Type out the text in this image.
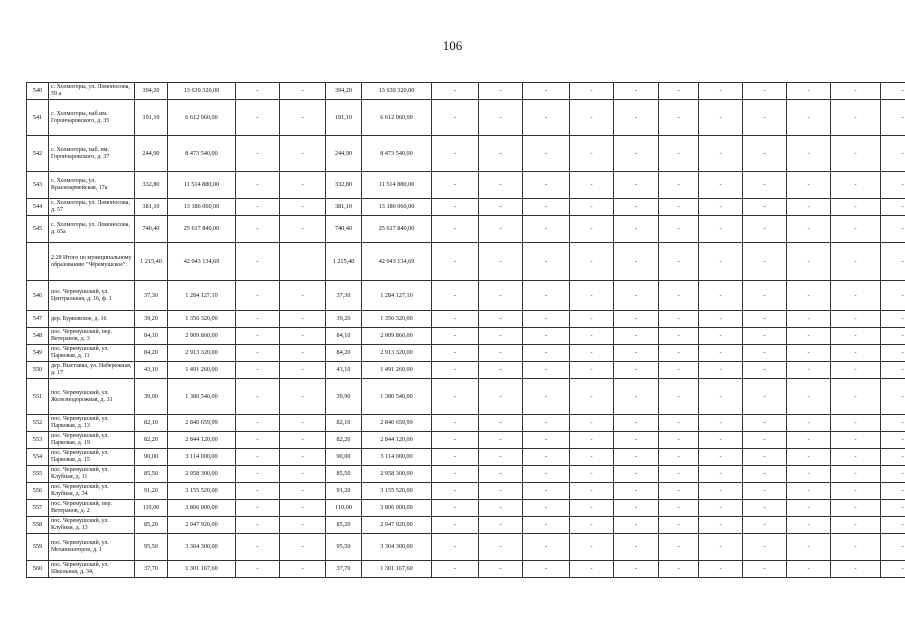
106
540	с. Холмогоры, ул. Ломоносова, 59 а	394,20	13 639 320,00	-	-	394,20	13 639 320,00	-	-	-	-	-	-	-	-	-	-	-	
541	с. Холмогоры, наб.им. Горончаровского, д. 35	191,10	6 612 060,00	-	-	191,10	6 612 060,00	-	-	-	-	-	-	-	-	-	-	-	
542	с. Холмогоры, наб. им. Горончаровского, д. 37	244,90	8 473 540,00	-	-	244,90	8 473 540,00	-	-	-	-	-	-	-	-	-	-	-	
543	с. Холмогоры, ул. Красноармейская, 17а	332,80	11 514 880,00	-	-	332,80	11 514 880,00	-	-	-	-	-	-	-	-	-	-	-	
544	с. Холмогоры, ул. Ломоносова, д. 57	381,10	13 186 060,00	-	-	381,10	13 186 060,00	-	-	-	-	-	-	-	-	-	-	-	
545	с. Холмогоры, ул. Ломоносова, д. 65а	740,40	25 617 840,00	-	-	740,40	25 617 840,00	-	-	-	-	-	-	-	-	-	-	-	
	2.28 Итого по муниципальному образованию "Чёремушское":	1 215,40	42 043 134,69	-		1 215,40	42 043 134,69	-	-	-	-	-	-	-	-	-	-	-	
546	пос. Черемушский, ул. Центральная, д. 16, ф. 1	37,30	1 284 127,10	-	-	37,30	1 284 127,10	-	-	-	-	-	-	-	-	-	-	-	
547	дер. Бурковское, д. 16	39,20	1 356 320,00	-	-	39,20	1 356 320,00	-	-	-	-	-	-	-	-	-	-	-	
548	пос. Черемушский, пер. Ветеранов, д. 3	84,10	2 909 860,00	-	-	84,10	2 909 860,00	-	-	-	-	-	-	-	-	-	-	-	
549	пос. Черемушский, ул. Парковая, д. 11	84,20	2 913 320,00	-	-	84,20	2 913 320,00	-	-	-	-	-	-	-	-	-	-	-	
550	дер. Выставка, ул. Набережная, д. 17	43,10	1 491 260,00	-	-	43,10	1 491 260,00	-	-	-	-	-	-	-	-	-	-	-	
551	пос. Черемушский, ул. Железнодорожная, д. 31	39,90	1 380 540,00	-	-	39,90	1 380 540,00	-	-	-	-	-	-	-	-	-	-	-	
552	пос. Черемушский, ул. Парковая, д. 13	82,10	2 840 659,99	-	-	82,10	2 840 659,99	-	-	-	-	-	-	-	-	-	-	-	
553	пос. Черемушский, ул. Парковая, д. 19	82,20	2 844 120,00	-	-	82,20	2 844 120,00	-	-	-	-	-	-	-	-	-	-	-	
554	пос. Черемушский, ул. Парковая, д. 15	90,00	3 114 000,00	-	-	90,00	3 114 000,00	-	-	-	-	-	-	-	-	-	-	-	
555	пос. Черемушский, ул. Клубная, д. 11	85,50	2 958 300,00	-	-	85,50	2 958 300,00	-	-	-	-	-	-	-	-	-	-	-	
556	пос. Черемушский, ул. Клубная, д. 34	91,20	3 155 520,00	-	-	91,20	3 155 520,00	-	-	-	-	-	-	-	-	-	-	-	
557	пос. Черемушский, пер. Ветеранов, д. 2	110,00	3 806 000,00	-	-	110,00	3 806 000,00	-	-	-	-	-	-	-	-	-	-	-	
558	пос. Черемушский, ул. Клубная, д. 13	85,20	2 947 920,00	-	-	85,20	2 947 920,00	-	-	-	-	-	-	-	-	-	-	-	
559	пос. Черемушский, ул. Механизаторов, д. 1	95,50	3 304 300,00	-	-	95,50	3 304 300,00	-	-	-	-	-	-	-	-	-	-	-	
560	пос. Черемушский, ул. Школьная, д. 34,	37,70	1 301 167,60	-	-	37,70	1 301 167,60	-	-	-	-	-	-	-	-	-	-	-	
